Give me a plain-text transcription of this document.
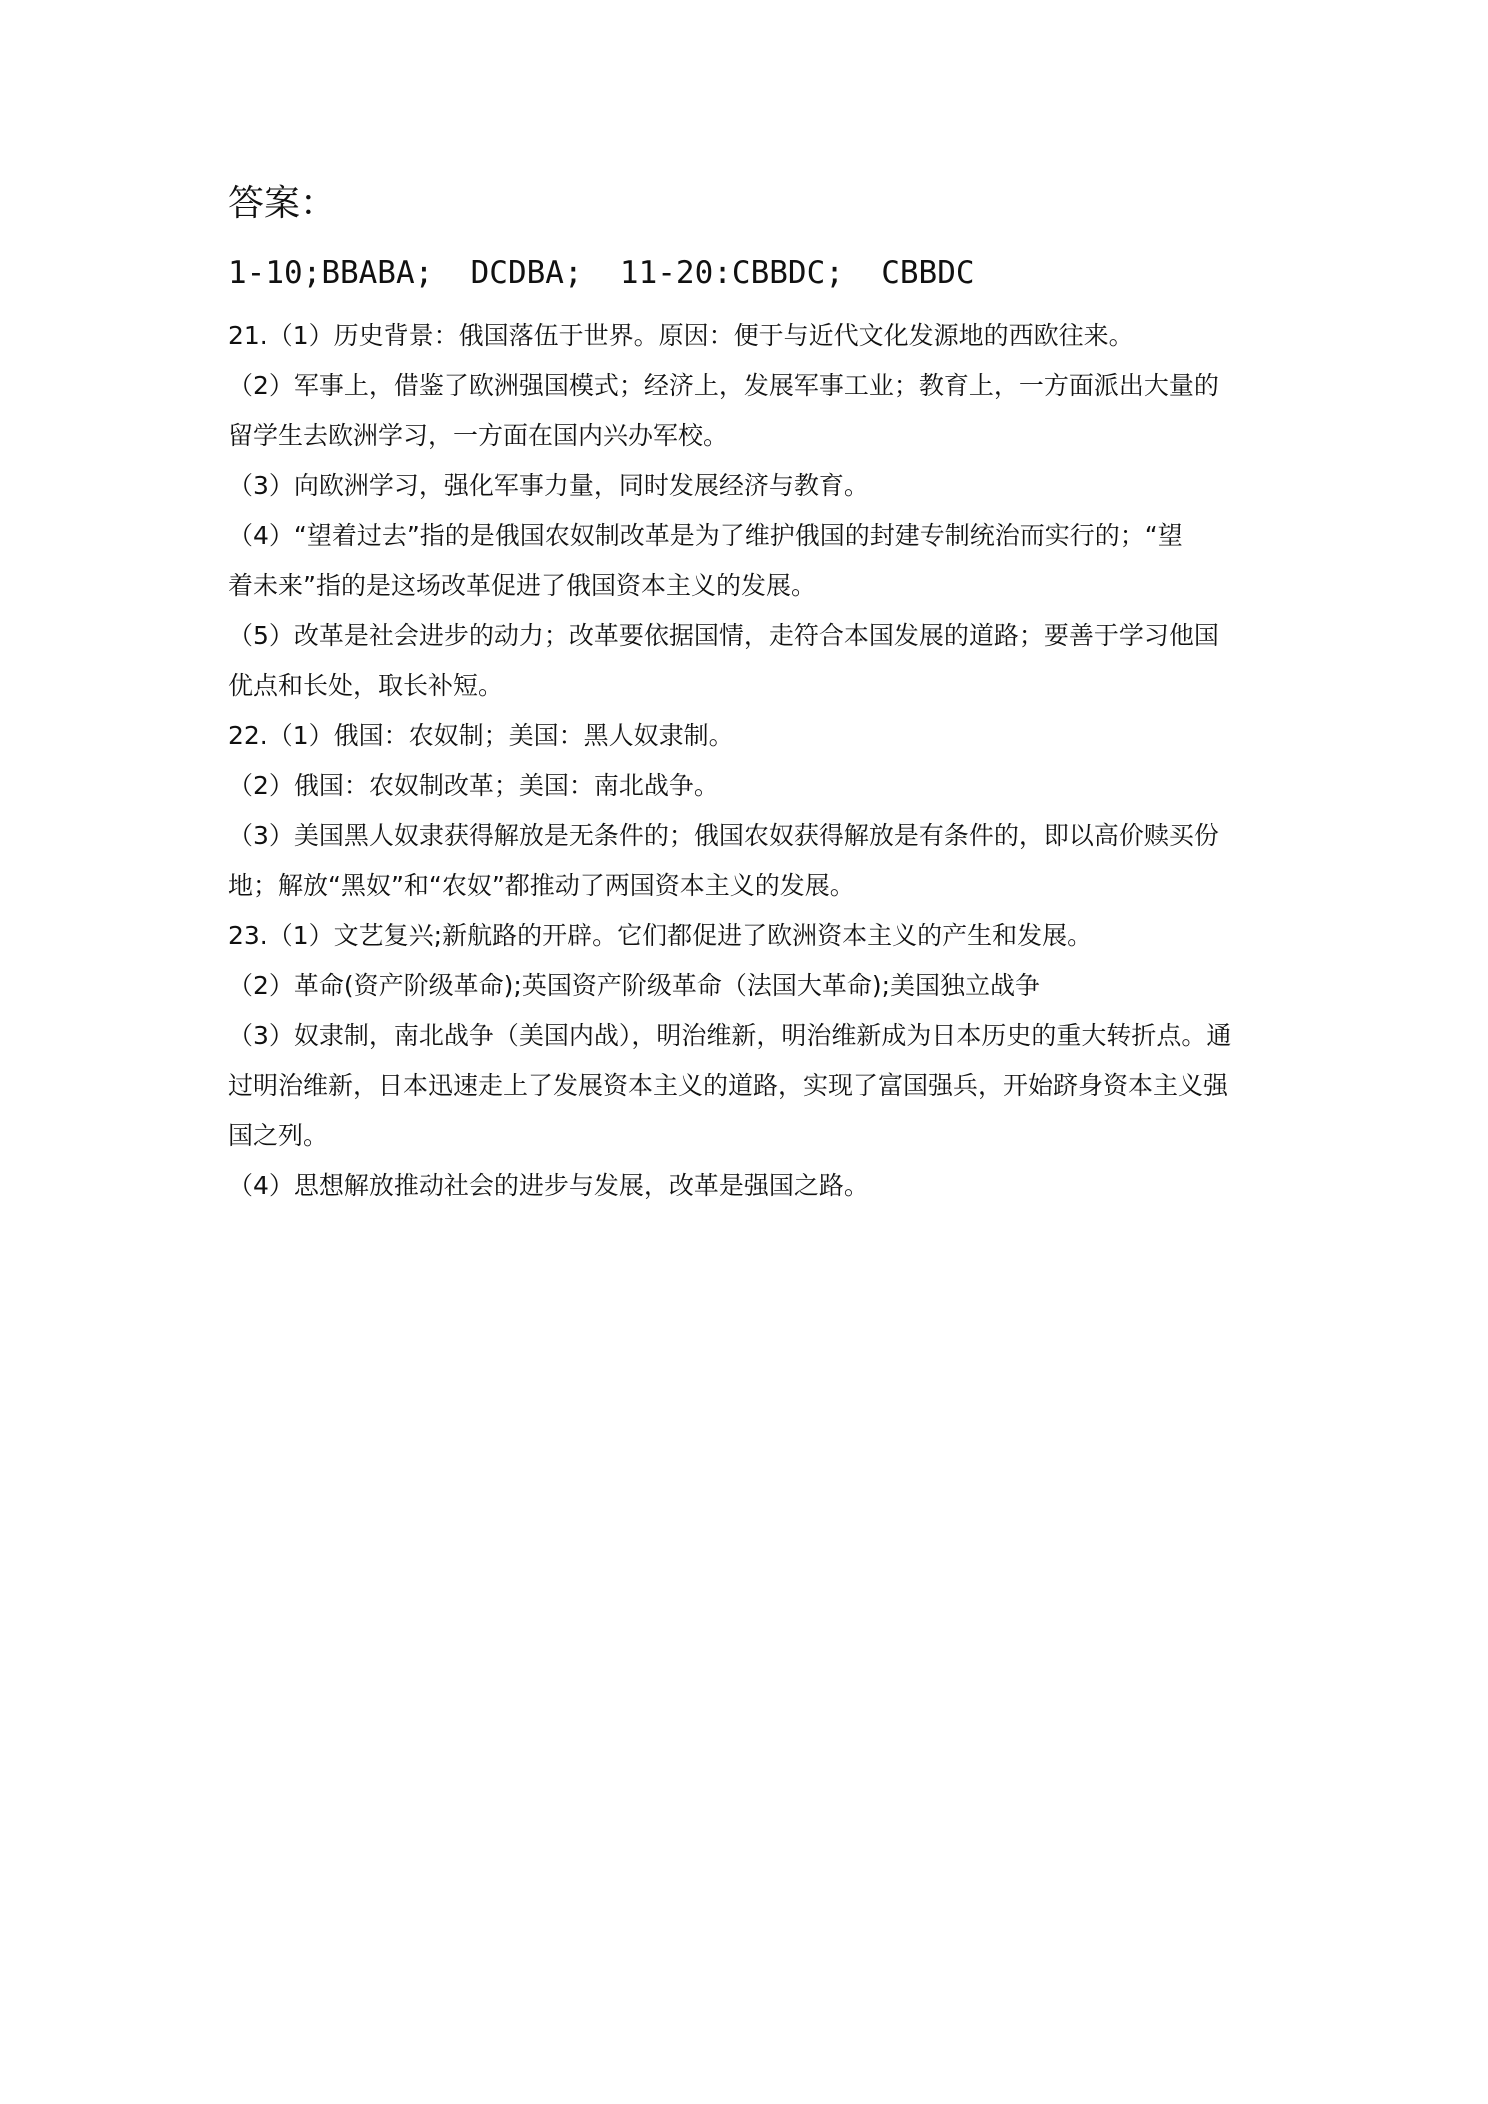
答案：
1-10;BBABA;  DCDBA;  11-20:CBBDC;  CBBDC
21.（1）历史背景：俄国落伍于世界。原因：便于与近代文化发源地的西欧往来。
（2）军事上，借鉴了欧洲强国模式；经济上，发展军事工业；教育上，一方面派出大量的
留学生去欧洲学习，一方面在国内兴办军校。
（3）向欧洲学习，强化军事力量，同时发展经济与教育。
（4）“望着过去”指的是俄国农奴制改革是为了维护俄国的封建专制统治而实行的；“望
着未来”指的是这场改革促进了俄国资本主义的发展。
（5）改革是社会进步的动力；改革要依据国情，走符合本国发展的道路；要善于学习他国
优点和长处，取长补短。
22.（1）俄国：农奴制；美国：黑人奴隶制。
（2）俄国：农奴制改革；美国：南北战争。
（3）美国黑人奴隶获得解放是无条件的；俄国农奴获得解放是有条件的，即以高价赎买份
地；解放“黑奴”和“农奴”都推动了两国资本主义的发展。
23.（1）文艺复兴;新航路的开辟。它们都促进了欧洲资本主义的产生和发展。
（2）革命(资产阶级革命);英国资产阶级革命（法国大革命);美国独立战争
（3）奴隶制，南北战争（美国内战），明治维新，明治维新成为日本历史的重大转折点。通
过明治维新，日本迅速走上了发展资本主义的道路，实现了富国强兵，开始跻身资本主义强
国之列。
（4）思想解放推动社会的进步与发展，改革是强国之路。
